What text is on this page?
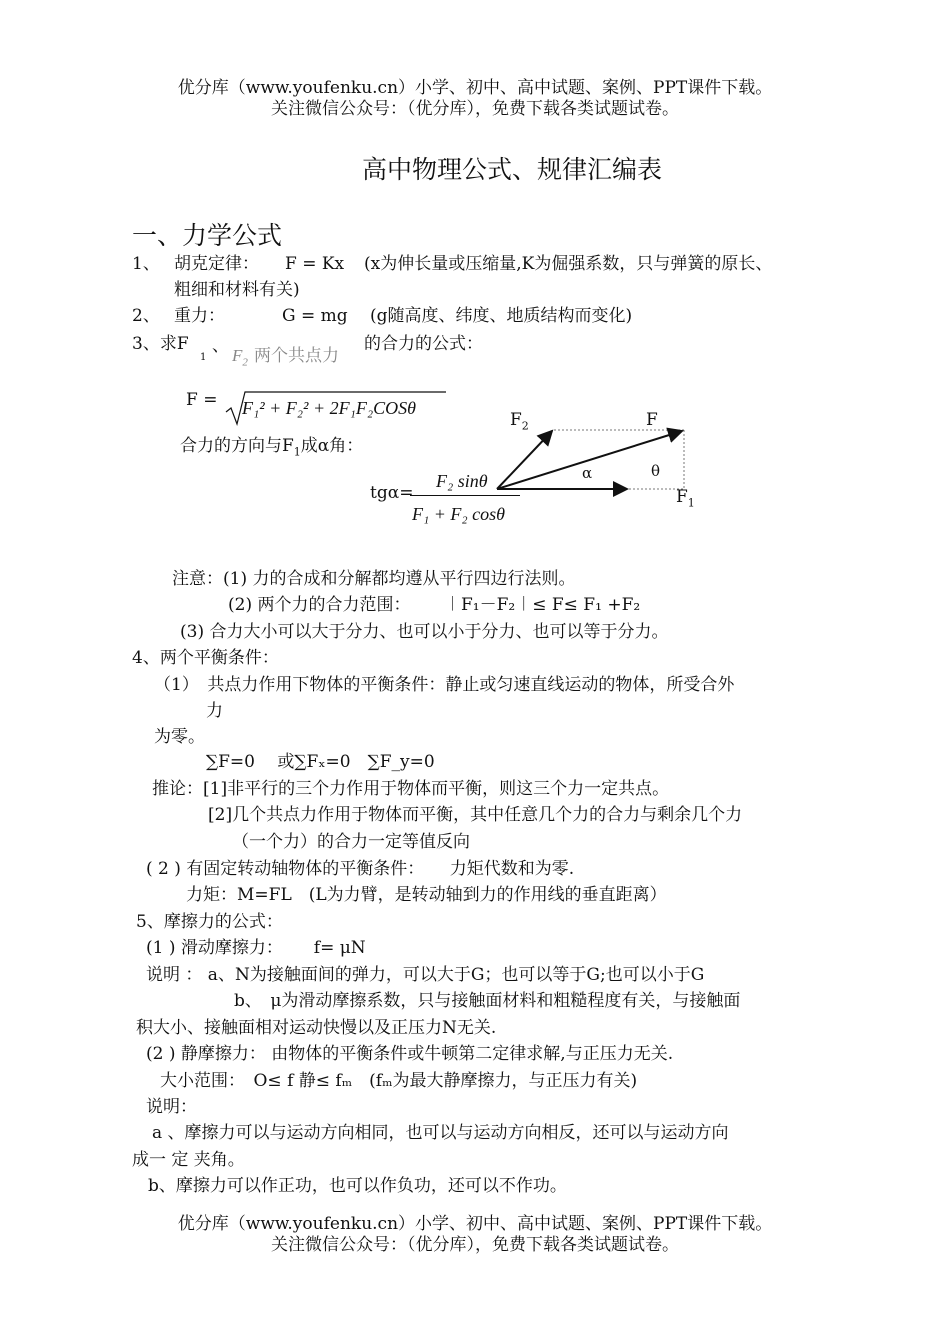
优分库（www.youfenku.cn）小学、初中、高中试题、案例、PPT课件下载。
关注微信公众号：（优分库），免费下载各类试题试卷。
高中物理公式、规律汇编表
一、力学公式
1、 胡克定律： F = Kx (x为伸长量或压缩量,K为倔强系数，只与弹簧的原长、
粗细和材料有关)
2、 重力：	G = mg (g随高度、纬度、地质结构而变化)
3、求F
1
、 $F_2$ 两个共点力
的合力的公式：
F = F₁² + F₂² + 2F₁F₂COSθ
合力的方向与$F_1$成α角：
tgα=
F₂ sinθ
F₁ + F₂ cosθ
$F_2$	F
α	θ
$F_1$
注意：(1) 力的合成和分解都均遵从平行四边行法则。
(2) 两个力的合力范围： ︱F₁－F₂︱≤ F≤ F₁ +F₂
(3) 合力大小可以大于分力、也可以小于分力、也可以等于分力。
4、两个平衡条件：
（1）　共点力作用下物体的平衡条件：静止或匀速直线运动的物体，所受合外
力
为零。
∑F=0　 或∑Fₓ=0　∑F_y=0
推论：[1]非平行的三个力作用于物体而平衡，则这三个力一定共点。
[2]几个共点力作用于物体而平衡，其中任意几个力的合力与剩余几个力
（一个力）的合力一定等值反向
( 2 ) 有固定转动轴物体的平衡条件：　　力矩代数和为零.
力矩：M=FL　(L为力臂，是转动轴到力的作用线的垂直距离）
5、摩擦力的公式：
(1 ) 滑动摩擦力：　　 f= μN
说明 ： a、N为接触面间的弹力，可以大于G；也可以等于G;也可以小于G
b、　μ为滑动摩擦系数，只与接触面材料和粗糙程度有关，与接触面
积大小、接触面相对运动快慢以及正压力N无关.
(2 ) 静摩擦力： 由物体的平衡条件或牛顿第二定律求解,与正压力无关.
大小范围：　O≤ f 静≤ fₘ　(fₘ为最大静摩擦力，与正压力有关)
说明：
a 、摩擦力可以与运动方向相同，也可以与运动方向相反，还可以与运动方向
成一 定 夹角。
b、摩擦力可以作正功，也可以作负功，还可以不作功。
优分库（www.youfenku.cn）小学、初中、高中试题、案例、PPT课件下载。
关注微信公众号：（优分库），免费下载各类试题试卷。
